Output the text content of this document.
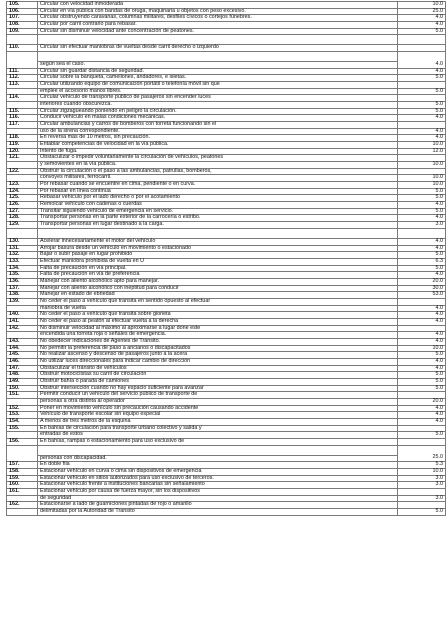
105.	Circular con velocidad inmoderada	10.0
106.	Circular en vía pública con bandas de oruga, maquinaria u objetos con peso excesivo.	25.0
107.	Circular obstruyendo caravanas, columnas militares, desfiles cívicos o cortejos fúnebres.	4.0
108.	Circular por carril contrario para rebasar.	4.0
109.	Circular sin disminuir velocidad ante concentración de peatones.	5.0

110.	Circular sin efectuar maniobras de vueltas desde carril derecho o izquierdo	

	según sea el caso.	4.0
111.	Circular sin guardar distancia de seguridad.	4.0
112.	Circular sobre la banqueta, camellones, andadores, e isletas.	5.0
113.	Circular utilizando equipo de comunicación portátil o telefonía móvil sin que	
	emplee el accesorio manos libres.	5.0
114.	Circular vehículo de transporte público de pasajeros sin encender luces	
	interiores cuando obscurezca.	5.0
115.	Circular zigzagueando poniendo en peligro la circulación.	5.0
116.	Conducir vehículo en malas condiciones mecánicas.	4.0
117.	Circular ambulancias y carros de bomberos con torreta funcionando sin el	
	uso de la sirena correspondiente.	4.0
118.	En reversa más de 10 metros, sin precaución.	4.0
119.	Entablar competencias de velocidad en la vía pública.	10.0
120.	Intento de fuga.	12.0
121.	Obstaculizar o impedir voluntariamente la circulación de vehículos, peatones	
	y semovientes en la vía pública.	10.0
122.	Obstruir la circulación o el paso a las ambulancias, patrullas, bomberos,	
	convoyes militares, ferrocarril.	10.0
123.	Por rebasar cuando se encuentre en cima, pendiente o en curva.	10.0
124.	Por rebasar en línea continua	5.0
125.	Rebasar vehículo por el lado derecho o por el acotamiento	5.0
126.	Remolcar vehículo con cadenas o cuerdas	4.0
127.	Transitar siguiendo vehículo de emergencia en servicio.	5.0
128.	Transportar personas en la parte exterior de la carrocería o estribo.	4.0
129.	Transportar personas en lugar destinado a la carga.	3.0

130.	Acelerar innecesariamente el motor del vehículo	4.0
131.	Arrojar basura desde un vehículo en movimiento o estacionado	4.0
132.	Bajar o subir pasaje en lugar prohibido	5.0
133.	Efectuar maniobra prohibida de vuelta en U	6.3
134.	Falta de precaución en vía principal.	5.0
135.	Falta de precaución en vía de preferencia	4.0
136.	Manejar con aliento alcohólico apto para manejar.	20.0
137.	Manejar con aliento alcohólico con ineptitud para conducir	30.0
138.	Manejar en estado de ebriedad	53.0
139.	No ceder el paso a vehículo que transita en sentido opuesto al efectuar	
	maniobra de vuelta	4.0
140.	No ceder el paso a vehículo que transita sobre glorieta	4.0
141.	No ceder el paso al peatón al efectuar vuelta a la derecha	4.0
142.	No disminuir velocidad al máximo al aproximarse a lugar done este	
	encendida una torreta roja o señales de emergencia.	4.0
143.	No obedecer indicaciones de Agentes de Tránsito.	4.0
144.	No permitir la preferencia de paso a ancianos o discapacitados	10.0
145.	No realizar ascenso y descenso de pasajeros junto a la acera	5.0
146.	No utilizar luces direccionales para indicar cambio de dirección	4.0
147.	Obstaculizar el tránsito de vehículos	4.0
148.	Obstruir motociclistas su carril de circulación	5.0
149.	Obstruir bahía o parada de camiones	5.0
150.	Obstruir intersección cuando no hay espacio suficiente para avanzar	5.0
151.	Permitir conducir un vehículo del servicio público de transporte de	
	personas a otra distinta al operador	20.0
152.	Poner en movimiento vehículo sin precaución causando accidente	4.0
153.	Vehículo de transporte escolar sin equipo especial	4.0
154.	A menos de tres metros de la esquina	4.0
155.	En bahías de circulación para transporte urbano colectivo y salida y	
	entradas de estos	5.0
156.	En bahías, rampas o estacionamiento para uso exclusivo de	

	personas con discapacidad.	25.0
157.	En doble fila	5.3
158.	Estacionar vehículo en curva o cima sin dispositivos de emergencia	10.0
159.	Estacionar vehículo en sitios autorizados para uso exclusivo de terceros.	3.0
160.	Estacionar vehículo frente a instituciones bancarias sin señalamiento	3.0
161.	Estacionar vehículo por causa de fuerza mayor, sin los dispositivos	
	de seguridad	3.0
162.	Estacionarse a lado de guarniciones pintadas de rojo o amarillo	
	delimitadas por la Autoridad de Transito	5.0
